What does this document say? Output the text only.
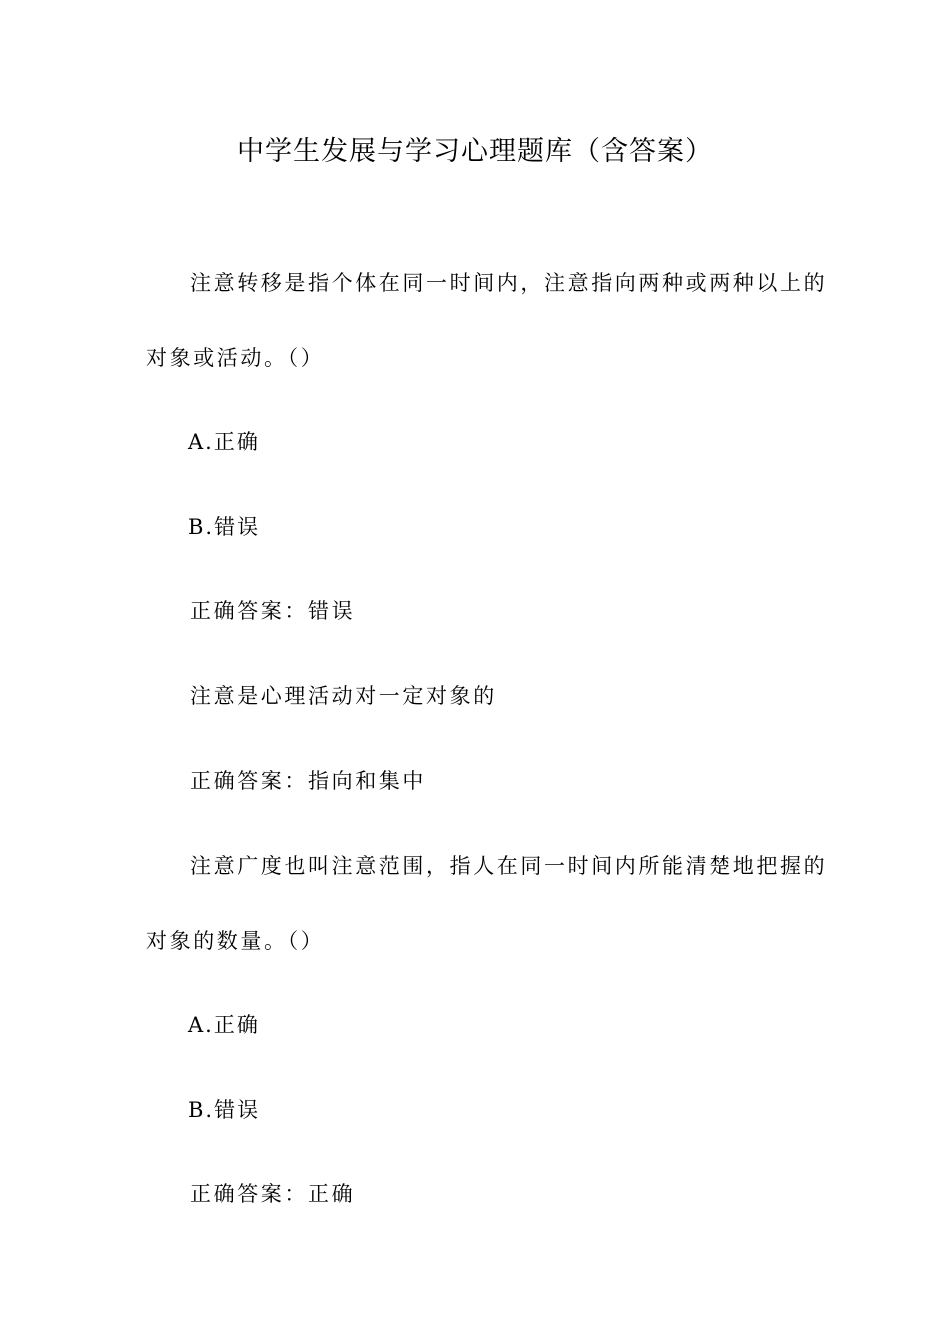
中学生发展与学习心理题库（含答案）
注意转移是指个体在同一时间内，注意指向两种或两种以上的
对象或活动。（）
A.正确
B.错误
正确答案：错误
注意是心理活动对一定对象的
正确答案：指向和集中
注意广度也叫注意范围，指人在同一时间内所能清楚地把握的
对象的数量。（）
A.正确
B.错误
正确答案：正确
